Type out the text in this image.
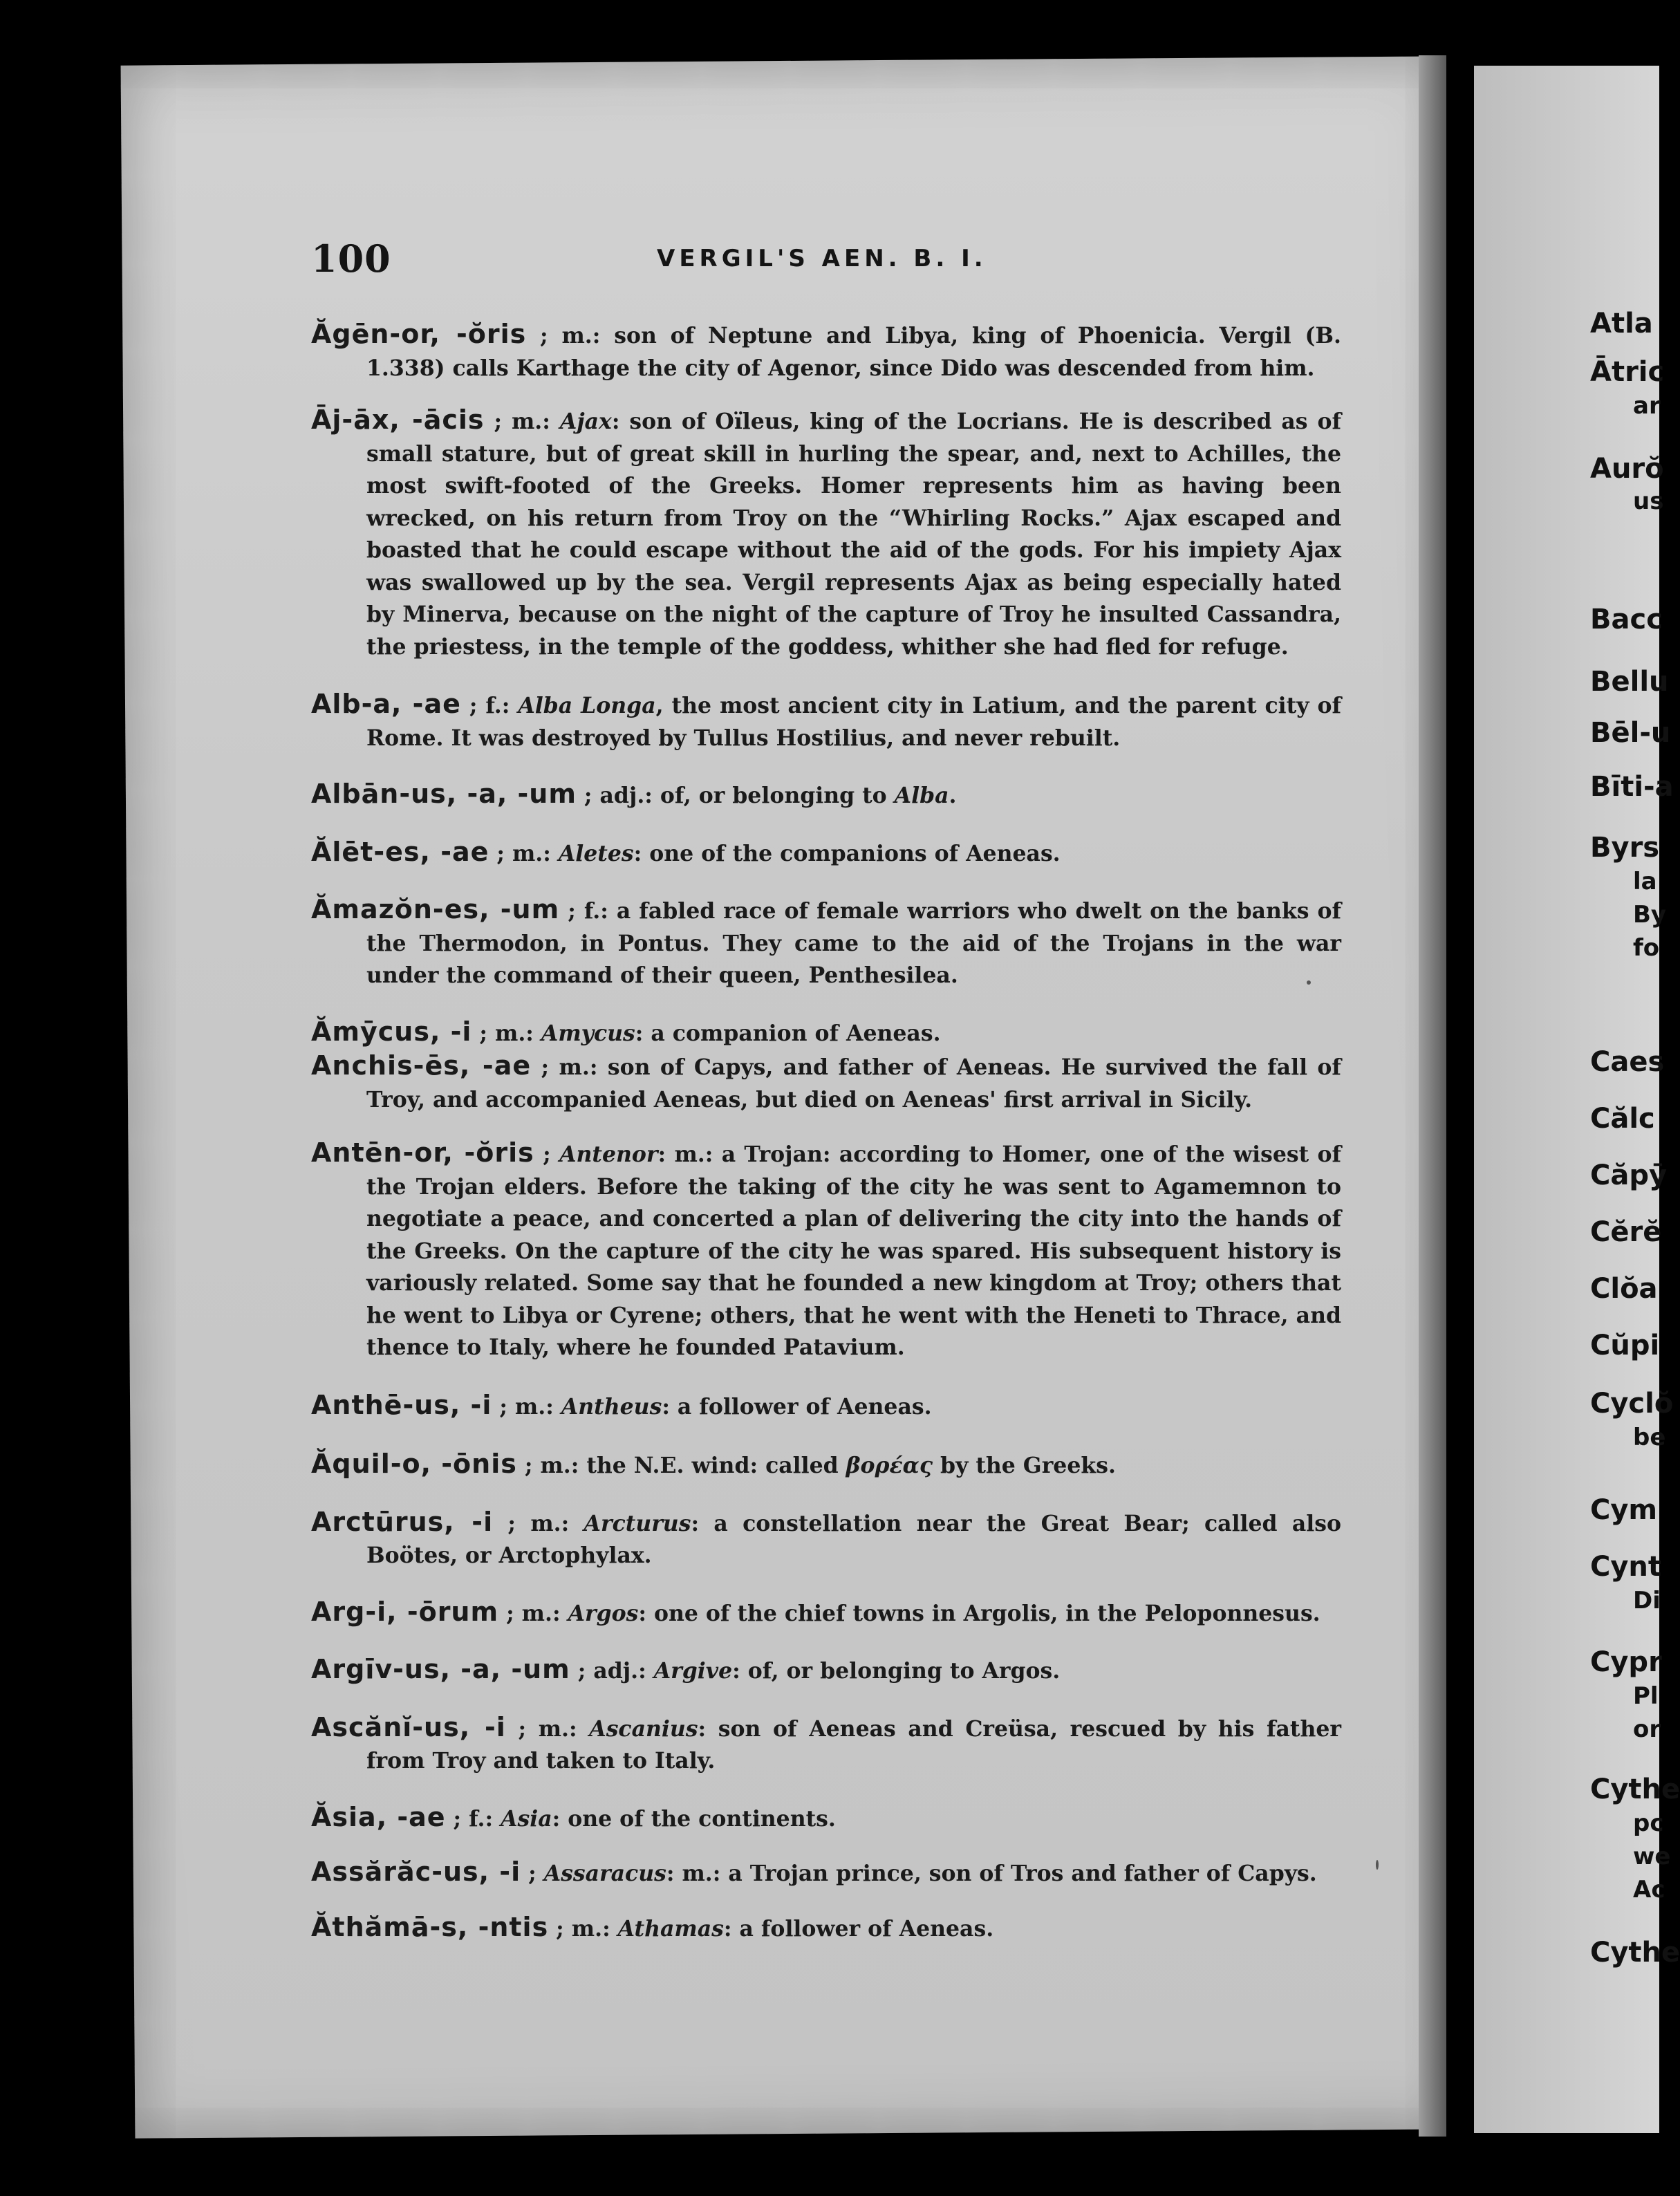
Atla
Ātric
ar
Aurŏ
us
Bacc
Bellu
Bēl-u
Bīti-a
Byrs
la
By
fo
Caes
Călc
Căpȳ
Cĕrĕ
Clŏa
Cŭpi
Cyclŏ
be
Cym
Cynt
Di
Cypr
Pl
or
Cythe
pc
we
Ac
Cythe
100	VERGIL'S AEN. B. I.
Ăgēn-or, -ŏris ; m.: son of Neptune and Libya, king of Phoenicia. Vergil (B. 1.338) calls Karthage the city of Agenor, since Dido was descended from him.
Āj-āx, -ācis ; m.: Ajax: son of Oïleus, king of the Locrians. He is described as of small stature, but of great skill in hurling the spear, and, next to Achilles, the most swift-footed of the Greeks. Homer represents him as having been wrecked, on his return from Troy on the “Whirling Rocks.” Ajax escaped and boasted that he could escape without the aid of the gods. For his impiety Ajax was swallowed up by the sea. Vergil represents Ajax as being especially hated by Minerva, because on the night of the capture of Troy he insulted Cassandra, the priestess, in the temple of the goddess, whither she had fled for refuge.
Alb-a, -ae ; f.: Alba Longa, the most ancient city in Latium, and the parent city of Rome. It was destroyed by Tullus Hostilius, and never rebuilt.
Albān-us, -a, -um ; adj.: of, or belonging to Alba.
Ălēt-es, -ae ; m.: Aletes: one of the companions of Aeneas.
Ămazŏn-es, -um ; f.: a fabled race of female warriors who dwelt on the banks of the Thermodon, in Pontus. They came to the aid of the Trojans in the war under the command of their queen, Penthesilea.
Ămȳcus, -i ; m.: Amycus: a companion of Aeneas.
Anchis-ēs, -ae ; m.: son of Capys, and father of Aeneas. He survived the fall of Troy, and accompanied Aeneas, but died on Aeneas' first arrival in Sicily.
Antēn-or, -ŏris ; Antenor: m.: a Trojan: according to Homer, one of the wisest of the Trojan elders. Before the taking of the city he was sent to Agamemnon to negotiate a peace, and concerted a plan of delivering the city into the hands of the Greeks. On the capture of the city he was spared. His subsequent history is variously related. Some say that he founded a new kingdom at Troy; others that he went to Libya or Cyrene; others, that he went with the Heneti to Thrace, and thence to Italy, where he founded Patavium.
Anthē-us, -i ; m.: Antheus: a follower of Aeneas.
Ăquil-o, -ōnis ; m.: the N.E. wind: called βορέας by the Greeks.
Arctūrus, -i ; m.: Arcturus: a constellation near the Great Bear; called also Boötes, or Arctophylax.
Arg-i, -ōrum ; m.: Argos: one of the chief towns in Argolis, in the Peloponnesus.
Argīv-us, -a, -um ; adj.: Argive: of, or belonging to Argos.
Ascănĭ-us, -i ; m.: Ascanius: son of Aeneas and Creüsa, rescued by his father from Troy and taken to Italy.
Ăsia, -ae ; f.: Asia: one of the continents.
Assărăc-us, -i ; Assaracus: m.: a Trojan prince, son of Tros and father of Capys.
Ăthămā-s, -ntis ; m.: Athamas: a follower of Aeneas.
